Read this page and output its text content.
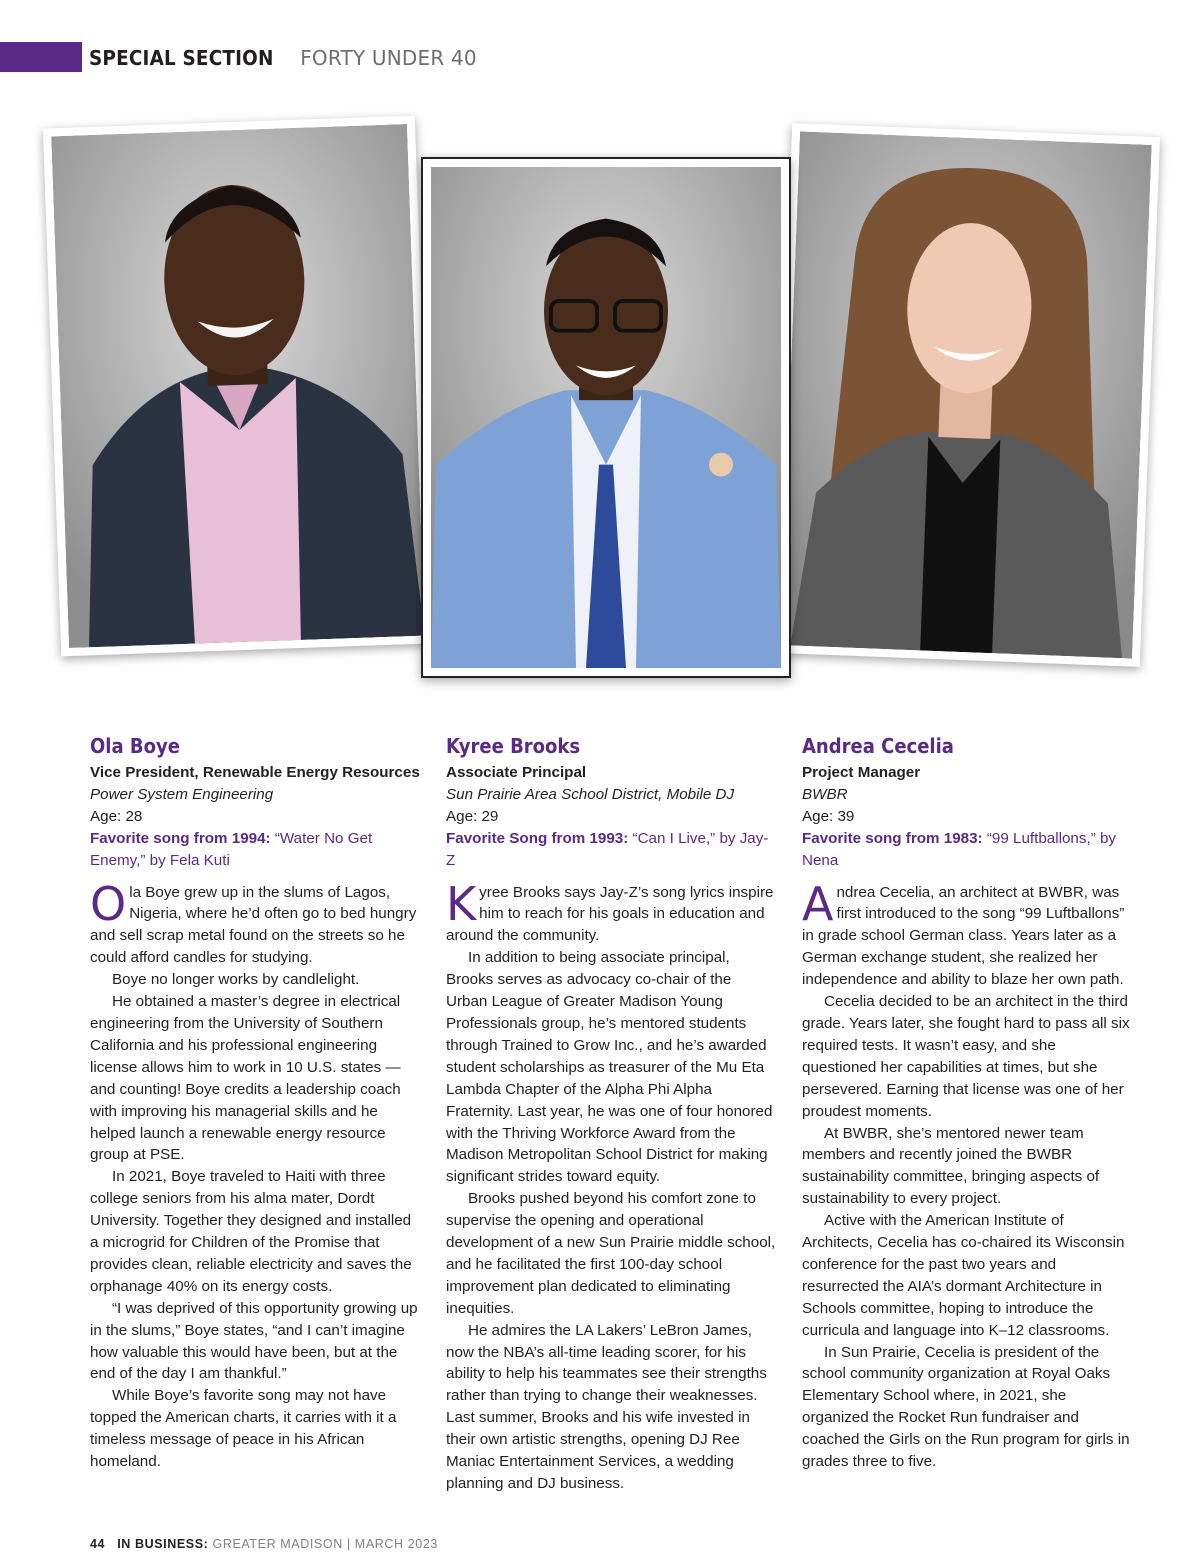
SPECIAL SECTION FORTY UNDER 40
Ola Boye
Vice President, Renewable Energy Resources
Power System Engineering
Age: 28
Favorite song from 1994: “Water No Get Enemy,” by Fela Kuti

Ola Boye grew up in the slums of Lagos, Nigeria, where he’d often go to bed hungry and sell scrap metal found on the streets so he could afford candles for studying.

Boye no longer works by candlelight.

He obtained a master’s degree in electrical engineering from the University of Southern California and his professional engineering license allows him to work in 10 U.S. states — and counting! Boye credits a leadership coach with improving his managerial skills and he helped launch a renewable energy resource group at PSE.

In 2021, Boye traveled to Haiti with three college seniors from his alma mater, Dordt University. Together they designed and installed a microgrid for Children of the Promise that provides clean, reliable electricity and saves the orphanage 40% on its energy costs.

“I was deprived of this opportunity growing up in the slums,” Boye states, “and I can’t imagine how valuable this would have been, but at the end of the day I am thankful.”

While Boye’s favorite song may not have topped the American charts, it carries with it a timeless message of peace in his African homeland.

Kyree Brooks
Associate Principal
Sun Prairie Area School District, Mobile DJ
Age: 29
Favorite Song from 1993: “Can I Live,” by Jay-Z

Kyree Brooks says Jay-Z’s song lyrics inspire him to reach for his goals in education and around the community.

In addition to being associate principal, Brooks serves as advocacy co-chair of the Urban League of Greater Madison Young Professionals group, he’s mentored students through Trained to Grow Inc., and he’s awarded student scholarships as treasurer of the Mu Eta Lambda Chapter of the Alpha Phi Alpha Fraternity. Last year, he was one of four honored with the Thriving Workforce Award from the Madison Metropolitan School District for making significant strides toward equity.

Brooks pushed beyond his comfort zone to supervise the opening and operational development of a new Sun Prairie middle school, and he facilitated the first 100-day school improvement plan dedicated to eliminating inequities.

He admires the LA Lakers’ LeBron James, now the NBA’s all-time leading scorer, for his ability to help his teammates see their strengths rather than trying to change their weaknesses. Last summer, Brooks and his wife invested in their own artistic strengths, opening DJ Ree Maniac Entertainment Services, a wedding planning and DJ business.

Andrea Cecelia
Project Manager
BWBR
Age: 39
Favorite song from 1983: “99 Luftballons,” by Nena

Andrea Cecelia, an architect at BWBR, was first introduced to the song “99 Luftballons” in grade school German class. Years later as a German exchange student, she realized her independence and ability to blaze her own path.

Cecelia decided to be an architect in the third grade. Years later, she fought hard to pass all six required tests. It wasn’t easy, and she questioned her capabilities at times, but she persevered. Earning that license was one of her proudest moments.

At BWBR, she’s mentored newer team members and recently joined the BWBR sustainability committee, bringing aspects of sustainability to every project.

Active with the American Institute of Architects, Cecelia has co-chaired its Wisconsin conference for the past two years and resurrected the AIA’s dormant Architecture in Schools committee, hoping to introduce the curricula and language into K–12 classrooms.

In Sun Prairie, Cecelia is president of the school community organization at Royal Oaks Elementary School where, in 2021, she organized the Rocket Run fundraiser and coached the Girls on the Run program for girls in grades three to five.

44 IN BUSINESS: GREATER MADISON | MARCH 2023
